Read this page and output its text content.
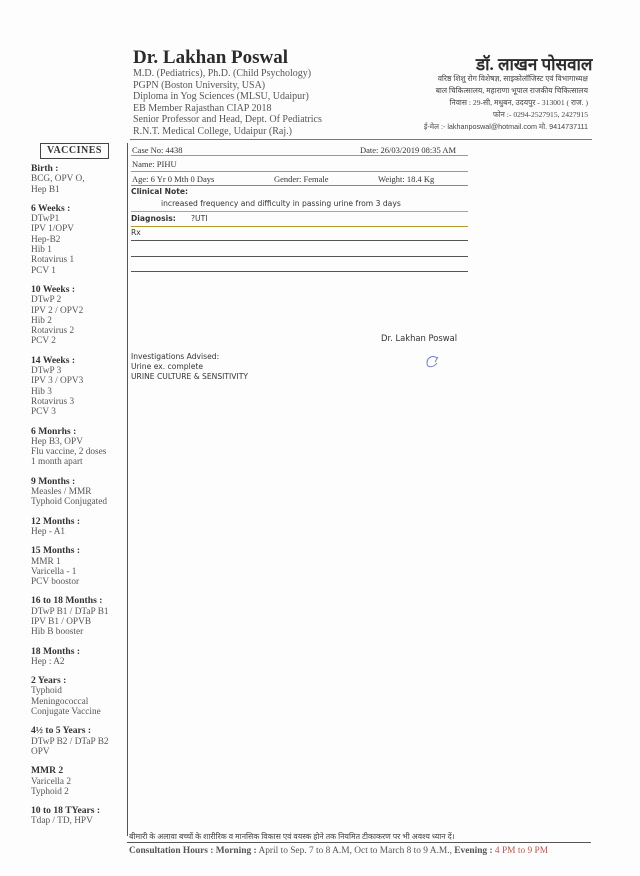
Dr. Lakhan Poswal
M.D. (Pediatrics), Ph.D. (Child Psychology)
PGPN (Boston University, USA)
Diploma in Yog Sciences (MLSU, Udaipur)
EB Member Rajasthan CIAP 2018
Senior Professor and Head, Dept. Of Pediatrics
R.N.T. Medical College, Udaipur (Raj.)
डॉ. लाखन पोसवाल
वरिष्ठ शिशु रोग विशेषज्ञ, साइकोलॉजिस्ट एवं विभागाध्यक्ष
बाल चिकित्सालय, महाराणा भूपाल राजकीय चिकित्सालय
निवास : 29-सी, मधुबन, उदयपुर - 313001 ( राज. )
फोन :- 0294-2527915, 2427915
ई-मेल :- lakhanposwal@hotmail.com मो. 9414737111
VACCINES
Birth :
BCG, OPV O,
Hep B1
6 Weeks :
DTwP1
IPV 1/OPV
Hep-B2
Hib 1
Rotavirus 1
PCV 1
10 Weeks :
DTwP 2
IPV 2 / OPV2
Hib 2
Rotavirus 2
PCV 2
14 Weeks :
DTwP 3
IPV 3 / OPV3
Hib 3
Rotavirus 3
PCV 3
6 Monrhs :
Hep B3, OPV
Flu vaccine, 2 doses
1 month apart
9 Months :
Measles / MMR
Typhoid Conjugated
12 Months :
Hep - A1
15 Months :
MMR 1
Varicella - 1
PCV boostor
16 to 18 Months :
DTwP B1 / DTaP B1
IPV B1 / OPVB
Hib B booster
18 Months :
Hep : A2
2 Years :
Typhoid
Meningococcal
Conjugate Vaccine
4½ to 5 Years :
DTwP B2 / DTaP B2
OPV
MMR 2
Varicella 2
Typhoid 2
10 to 18 TYears :
Tdap / TD, HPV
Case No: 4438	Date: 26/03/2019 08:35 AM
Name: PIHU
Age: 6 Yr 0 Mth 0 Days	Gender: Female	Weight: 18.4 Kg
Clinical Note:
increased frequency and difficulty in passing urine from 3 days
Diagnosis: ?UTI
Rx
Dr. Lakhan Poswal
Investigations Advised:
Urine ex. complete
URINE CULTURE & SENSITIVITY
बीमारी के अलावा बच्चों के शारीरिक व मानसिक विकास एवं वयस्क होने तक नियमित टीकाकरण पर भी अवश्य ध्यान दें।
Consultation Hours : Morning : April to Sep. 7 to 8 A.M, Oct to March 8 to 9 A.M., Evening : 4 PM to 9 PM
